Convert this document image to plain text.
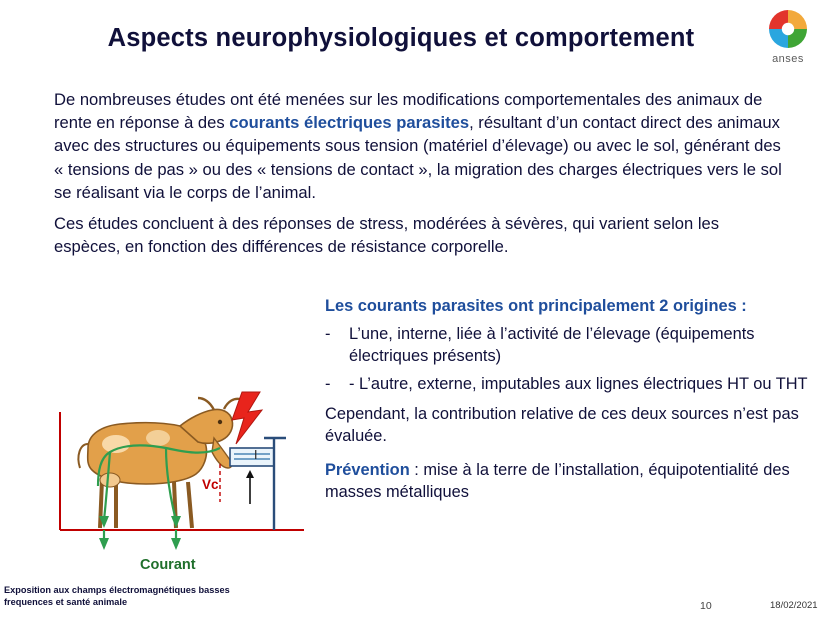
anses
Aspects neurophysiologiques et comportement

De nombreuses études ont été menées sur les modifications comportementales des animaux de rente en réponse à des courants électriques parasites, résultant d’un contact direct des animaux avec des structures ou équipements sous tension (matériel d’élevage) ou avec le sol, générant des « tensions de pas » ou des « tensions de contact », la migration des charges électriques vers le sol se réalisant via le corps de l’animal.

Ces études concluent à des réponses de stress, modérées à sévères, qui varient selon les espèces, en fonction des différences de résistance corporelle.

Les courants parasites ont principalement 2 origines :
-	L’une, interne, liée à l’activité de l’élevage (équipements électriques présents)
-	- L’autre, externe, imputables aux lignes électriques HT ou THT
Cependant, la contribution relative de ces deux sources n’est pas évaluée.
Prévention : mise à la terre de l’installation, équipotentialité des masses métalliques
Vc
I
Courant
Exposition aux champs électromagnétiques basses
frequences et santé animale	10	18/02/2021
